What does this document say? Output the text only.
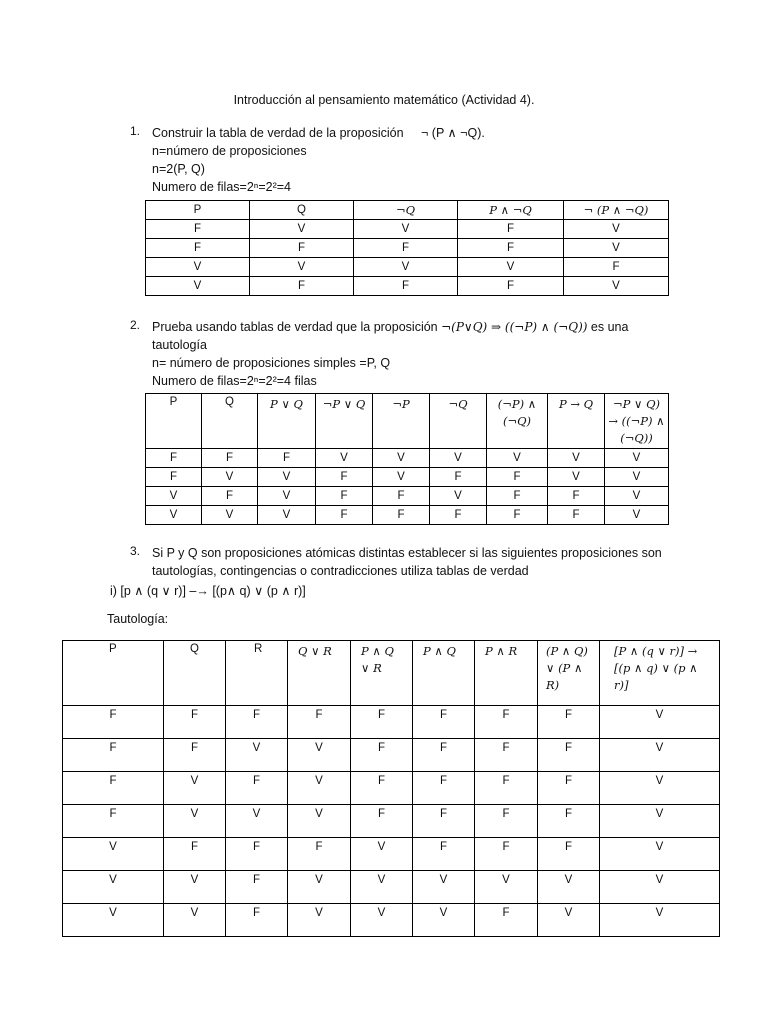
Introducción al pensamiento matemático (Actividad 4).
1. Construir la tabla de verdad de la proposición ¬ (P ∧ ¬Q).
n=número de proposiciones
n=2(P, Q)
Numero de filas=2ⁿ=2²=4
P	Q	¬Q	P ∧ ¬Q	¬ (P ∧ ¬Q)
F	V	V	F	V
F	F	F	F	V
V	V	V	V	F
V	F	F	F	V
2. Prueba usando tablas de verdad que la proposición ¬(P∨Q) ⇒ ((¬P) ∧ (¬Q)) es una
tautología
n= número de proposiciones simples =P, Q
Numero de filas=2ⁿ=2²=4 filas
P	Q	P ∨ Q	¬P ∨ Q	¬P	¬Q	(¬P) ∧ (¬Q)	P → Q	¬P ∨ Q) → ((¬P) ∧ (¬Q))
F	F	F	V	V	V	V	V	V
F	V	V	F	V	F	F	V	V
V	F	V	F	F	V	F	F	V
V	V	V	F	F	F	F	F	V
3. Si P y Q son proposiciones atómicas distintas establecer si las siguientes proposiciones son
tautologías, contingencias o contradicciones utiliza tablas de verdad
i) [p ∧ (q ∨ r)] –→ [(p∧ q) ∨ (p ∧ r)]
Tautología:
P	Q	R	Q ∨ R	P ∧ Q ∨ R	P ∧ Q	P ∧ R	(P ∧ Q) ∨ (P ∧ R)	[P ∧ (q ∨ r)] → [(p ∧ q) ∨ (p ∧ r)]
F	F	F	F	F	F	F	F	V
F	F	V	V	F	F	F	F	V
F	V	F	V	F	F	F	F	V
F	V	V	V	F	F	F	F	V
V	F	F	F	V	F	F	F	V
V	V	F	V	V	V	V	V	V
V	V	F	V	V	V	F	V	V
